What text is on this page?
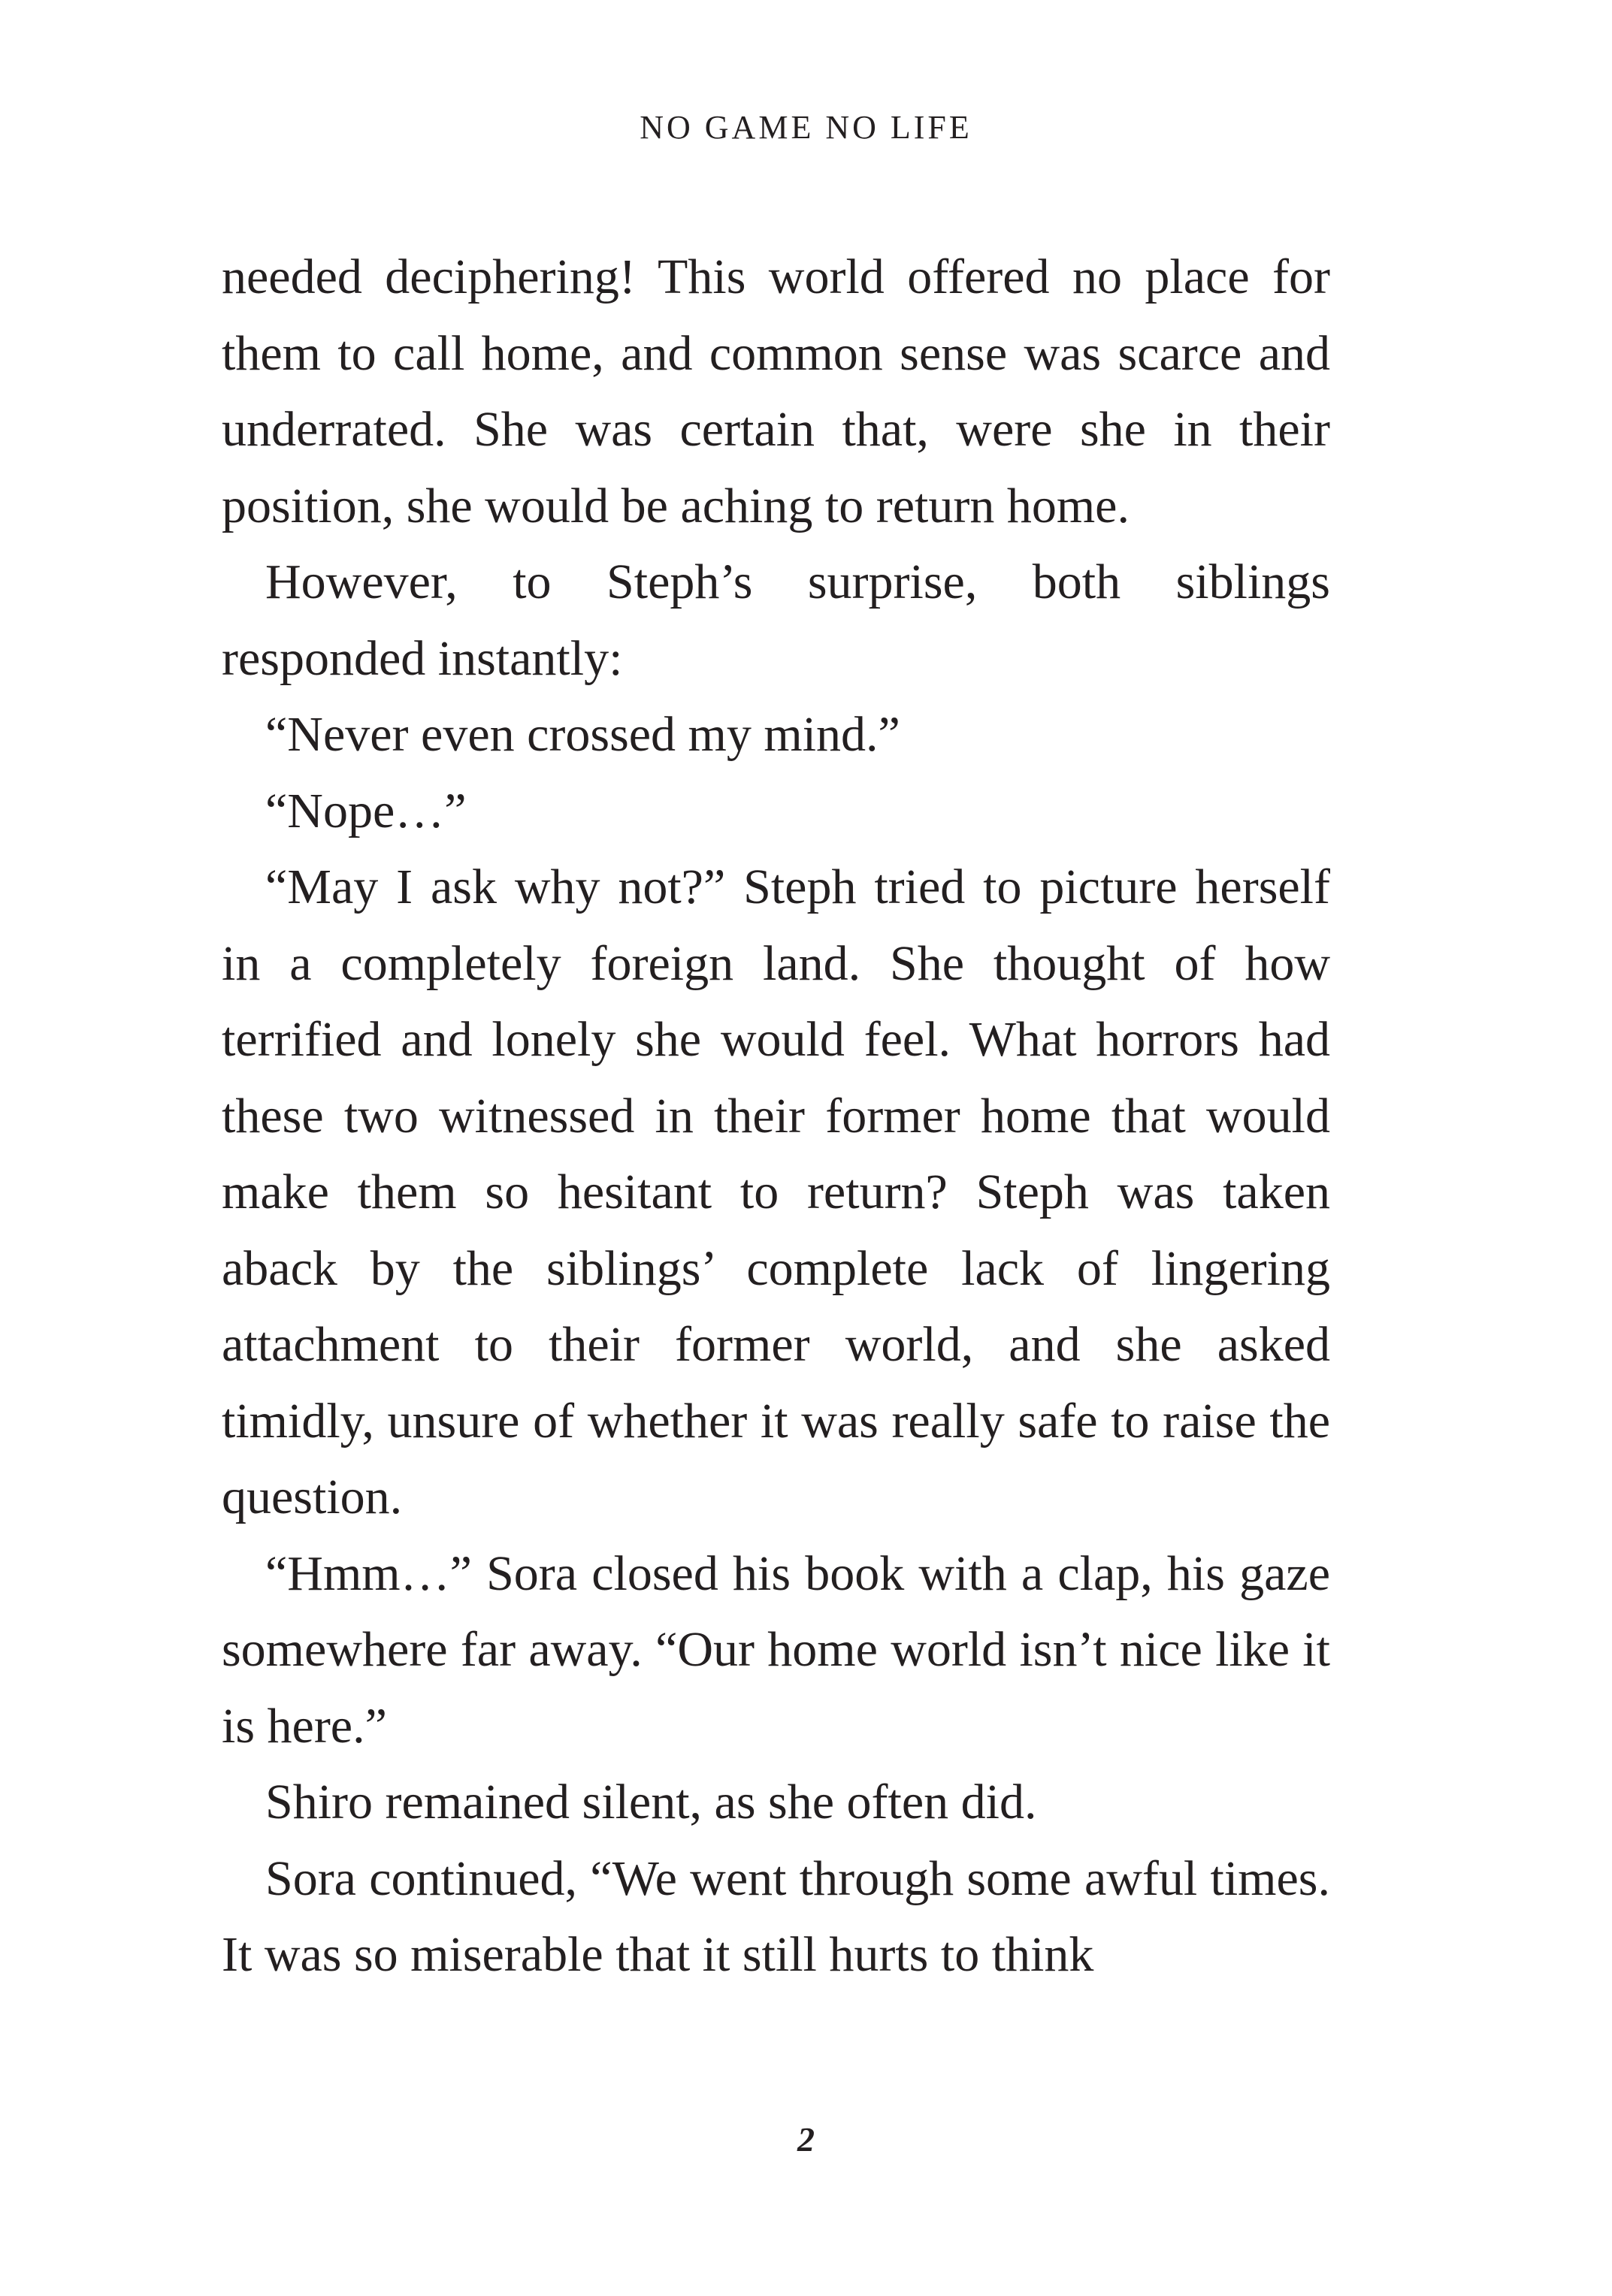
NO GAME NO LIFE

needed deciphering! This world offered no place for them to call home, and common sense was scarce and underrated. She was certain that, were she in their position, she would be aching to return home.

However, to Steph’s surprise, both siblings responded instantly:

“Never even crossed my mind.”

“Nope…”

“May I ask why not?” Steph tried to picture herself in a completely foreign land. She thought of how terrified and lonely she would feel. What horrors had these two witnessed in their former home that would make them so hesitant to return? Steph was taken aback by the siblings’ complete lack of lingering attachment to their former world, and she asked timidly, unsure of whether it was really safe to raise the question.

“Hmm…” Sora closed his book with a clap, his gaze somewhere far away. “Our home world isn’t nice like it is here.”

Shiro remained silent, as she often did.

Sora continued, “We went through some awful times. It was so miserable that it still hurts to think

2
